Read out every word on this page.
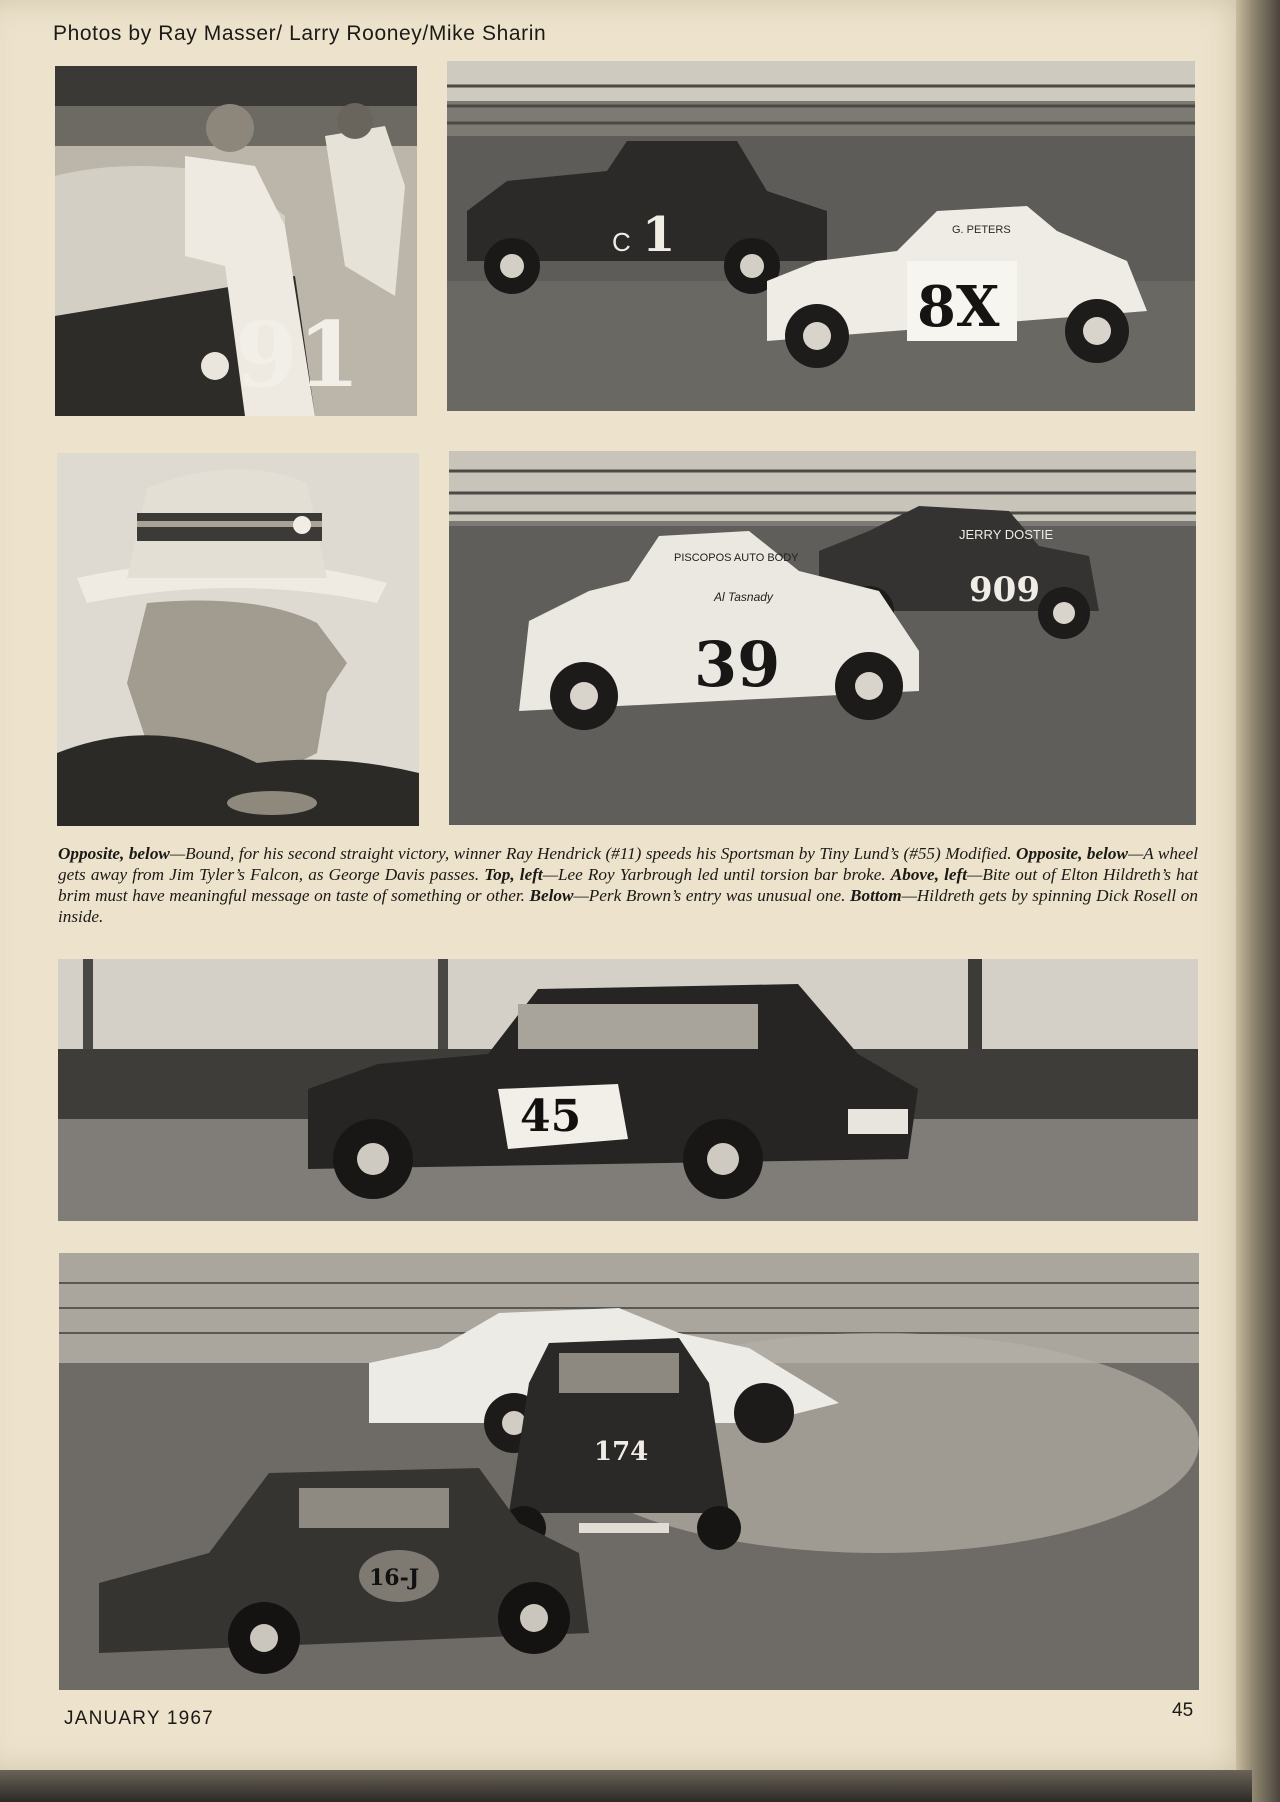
Photos by Ray Masser/ Larry Rooney/Mike Sharin
91
1
C
8X
G. PETERS
909
JERRY DOSTIE
39
PISCOPOS AUTO BODY
Al Tasnady
Opposite, below—Bound, for his second straight victory, winner Ray Hendrick (#11) speeds his Sportsman by Tiny Lund’s (#55) Modified. Opposite, below—A wheel gets away from Jim Tyler’s Falcon, as George Davis passes. Top, left—Lee Roy Yarbrough led until torsion bar broke. Above, left—Bite out of Elton Hildreth’s hat brim must have meaningful message on taste of something or other. Below—Perk Brown’s entry was unusual one. Bottom—Hildreth gets by spinning Dick Rosell on inside.
45
174
16-J
JANUARY 1967	45
